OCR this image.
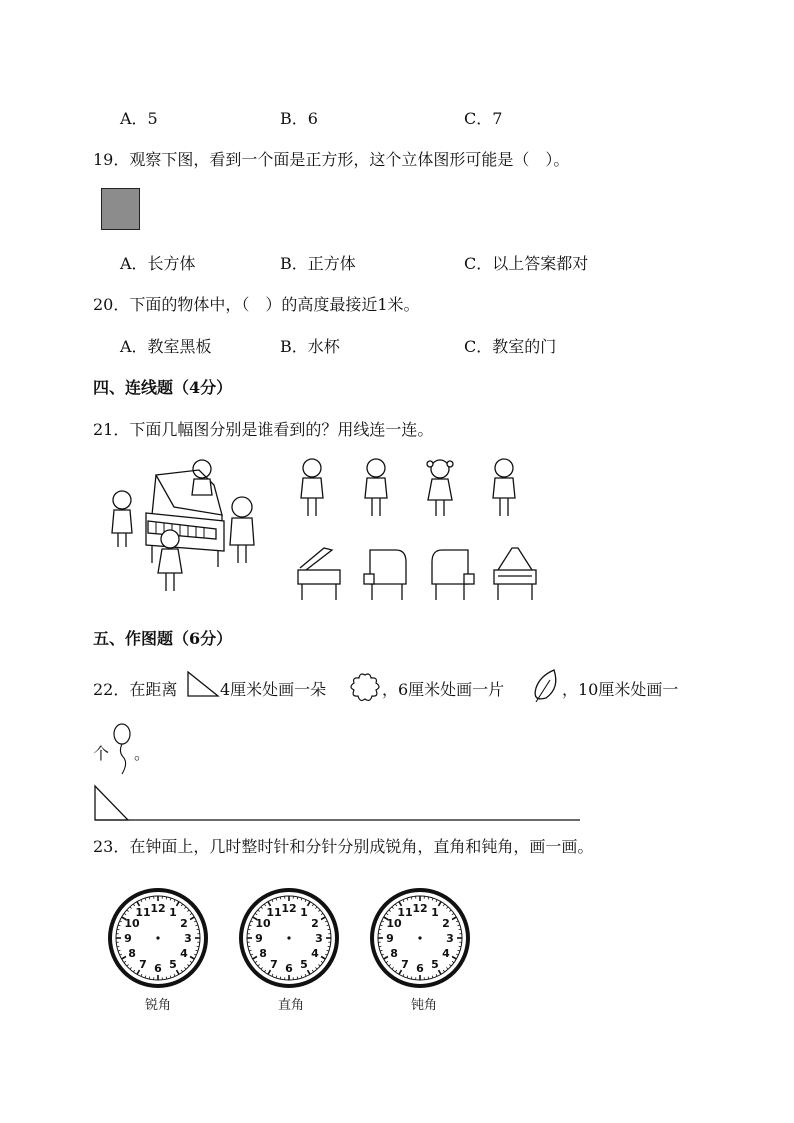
A．5	B．6	C．7
19．观察下图，看到一个面是正方形，这个立体图形可能是（　）。
A．长方体	B．正方体	C．以上答案都对
20．下面的物体中，（　）的高度最接近1米。
A．教室黑板	B．水杯	C．教室的门
四、连线题（4分）
21．下面几幅图分别是谁看到的？用线连一连。
五、作图题（6分）
22．在距离	4厘米处画一朵	，6厘米处画一片	，10厘米处画一
个 。
23．在钟面上，几时整时针和分针分别成锐角，直角和钝角，画一画。
12 1
2
3
4
5
6
7
8
9
10
11	12 1
2
3
4
5
6
7
8
9
10
11	12 1
2
3
4
5
6
7
8
9
10
11
锐角	直角	钝角
